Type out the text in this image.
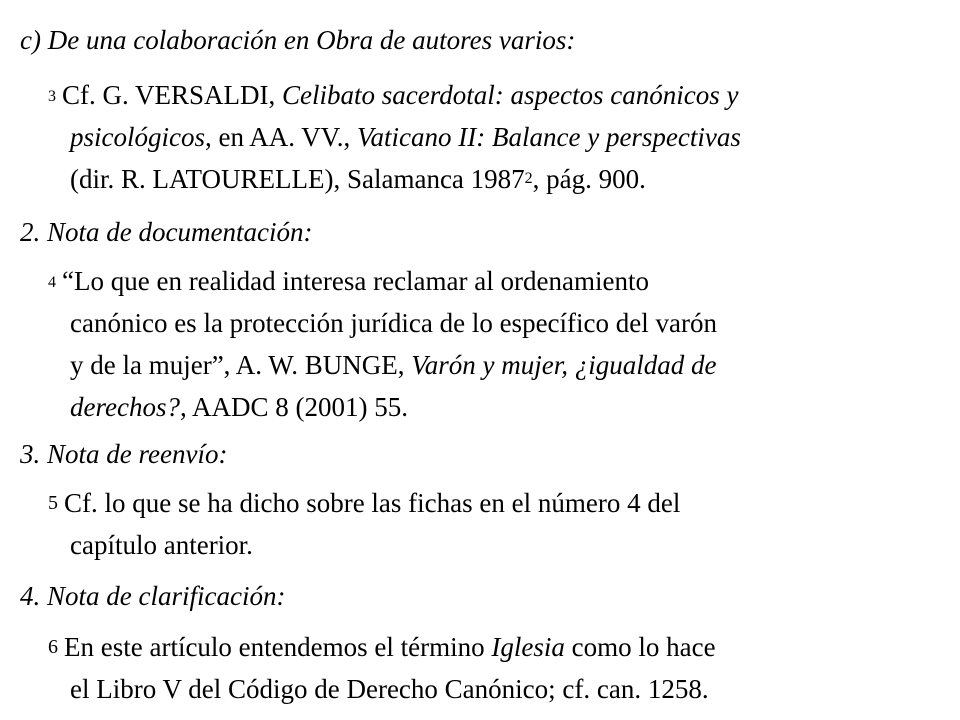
c) De una colaboración en Obra de autores varios:
$^3$ Cf. G. VERSALDI, Celibato sacerdotal: aspectos canónicos y
psicológicos, en AA. VV., Vaticano II: Balance y perspectivas
(dir. R. LATOURELLE), Salamanca 1987$^2$, pág. 900.
2. Nota de documentación:
$^4$ “Lo que en realidad interesa reclamar al ordenamiento
canónico es la protección jurídica de lo específico del varón
y de la mujer”, A. W. BUNGE, Varón y mujer, ¿igualdad de
derechos?, AADC 8 (2001) 55.
3. Nota de reenvío:
$^5$ Cf. lo que se ha dicho sobre las fichas en el número 4 del
capítulo anterior.
4. Nota de clarificación:
$^6$ En este artículo entendemos el término Iglesia como lo hace
el Libro V del Código de Derecho Canónico; cf. can. 1258.
